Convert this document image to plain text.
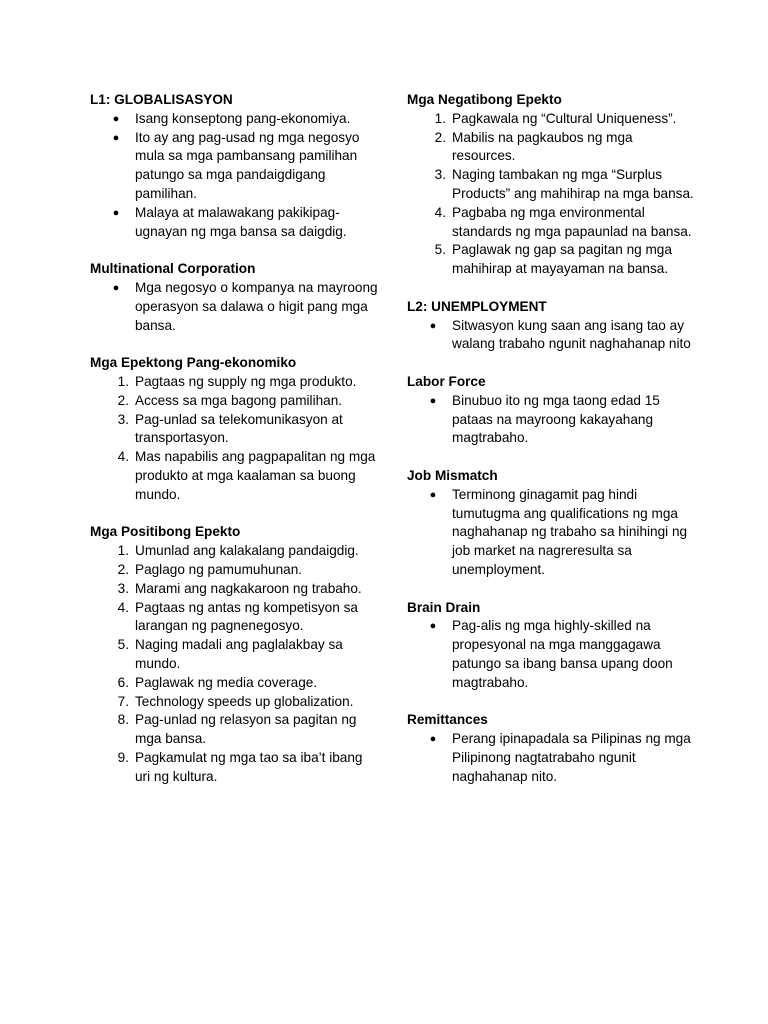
L1: GLOBALISASYON
● Isang konseptong pang-ekonomiya.
● Ito ay ang pag-usad ng mga negosyo mula sa mga pambansang pamilihan patungo sa mga pandaigdigang pamilihan.
● Malaya at malawakang pakikipag-ugnayan ng mga bansa sa daigdig.
Multinational Corporation
● Mga negosyo o kompanya na mayroong operasyon sa dalawa o higit pang mga bansa.
Mga Epektong Pang-ekonomiko
1. Pagtaas ng supply ng mga produkto.
2. Access sa mga bagong pamilihan.
3. Pag-unlad sa telekomunikasyon at transportasyon.
4. Mas napabilis ang pagpapalitan ng mga produkto at mga kaalaman sa buong mundo.
Mga Positibong Epekto
1. Umunlad ang kalakalang pandaigdig.
2. Paglago ng pamumuhunan.
3. Marami ang nagkakaroon ng trabaho.
4. Pagtaas ng antas ng kompetisyon sa larangan ng pagnenegosyo.
5. Naging madali ang paglalakbay sa mundo.
6. Paglawak ng media coverage.
7. Technology speeds up globalization.
8. Pag-unlad ng relasyon sa pagitan ng mga bansa.
9. Pagkamulat ng mga tao sa iba’t ibang uri ng kultura.
Mga Negatibong Epekto
1. Pagkawala ng “Cultural Uniqueness”.
2. Mabilis na pagkaubos ng mga resources.
3. Naging tambakan ng mga “Surplus Products” ang mahihirap na mga bansa.
4. Pagbaba ng mga environmental standards ng mga papaunlad na bansa.
5. Paglawak ng gap sa pagitan ng mga mahihirap at mayayaman na bansa.
L2: UNEMPLOYMENT
● Sitwasyon kung saan ang isang tao ay walang trabaho ngunit naghahanap nito
Labor Force
● Binubuo ito ng mga taong edad 15 pataas na mayroong kakayahang magtrabaho.
Job Mismatch
● Terminong ginagamit pag hindi tumutugma ang qualifications ng mga naghahanap ng trabaho sa hinihingi ng job market na nagreresulta sa unemployment.
Brain Drain
● Pag-alis ng mga highly-skilled na propesyonal na mga manggagawa patungo sa ibang bansa upang doon magtrabaho.
Remittances
● Perang ipinapadala sa Pilipinas ng mga Pilipinong nagtatrabaho ngunit naghahanap nito.
